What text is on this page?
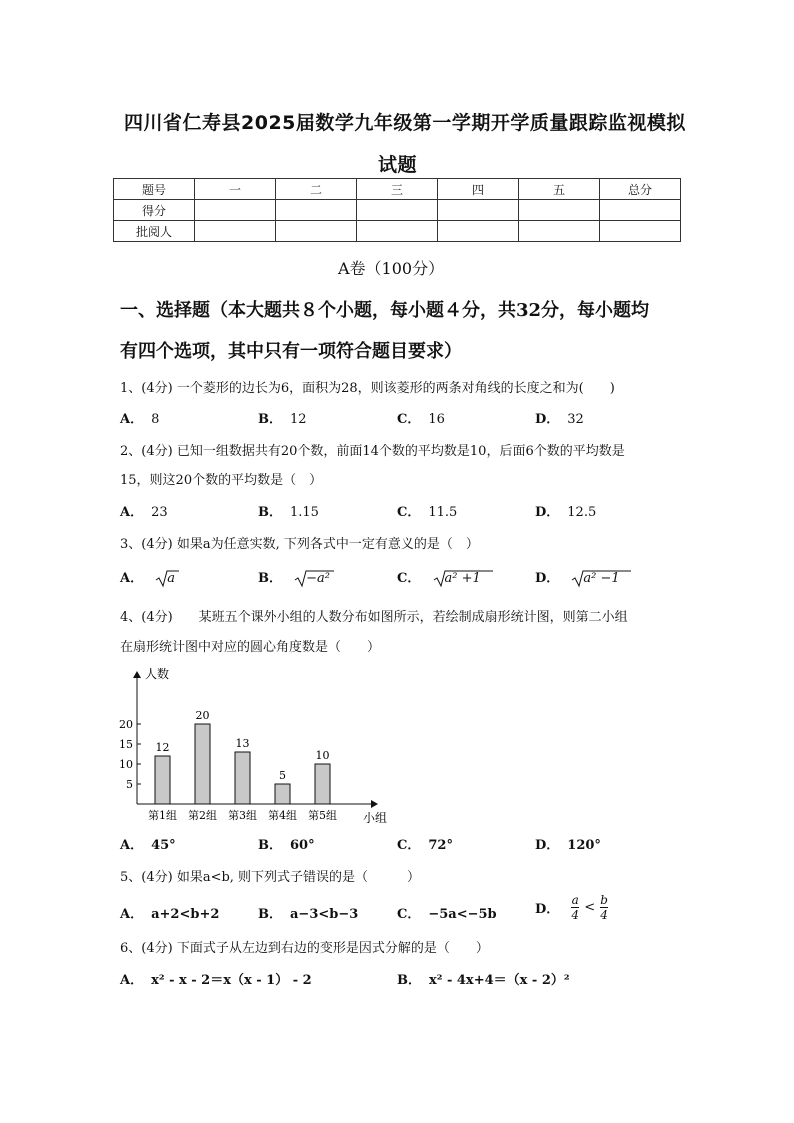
四川省仁寿县2025届数学九年级第一学期开学质量跟踪监视模拟
试题
题号	一	二	三	四	五	总分
得分						
批阅人						
A卷（100分）
一、选择题（本大题共８个小题，每小题４分，共32分，每小题均
有四个选项，其中只有一项符合题目要求）
1、(4分) 一个菱形的边长为6，面积为28，则该菱形的两条对角线的长度之和为(　　)
A． 8	B． 12	C． 16	D． 32
2、(4分) 已知一组数据共有20个数，前面14个数的平均数是10，后面6个数的平均数是
15，则这20个数的平均数是（　）
A． 23	B． 1.15	C． 11.5	D． 12.5
3、(4分) 如果a为任意实数, 下列各式中一定有意义的是（　）
A． a	B． −a²	C． a² +1	D． a² −1
4、(4分)　　某班五个课外小组的人数分布如图所示，若绘制成扇形统计图，则第二小组
在扇形统计图中对应的圆心角度数是（　　）
人数
小组
5
10
15
20
12
第1组
20
第2组
13
第3组
5
第4组
10
第5组
A． 45°	B． 60°	C． 72°	D． 120°
5、(4分) 如果a<b, 则下列式子错误的是（　　　）
A． a+2<b+2	B． a−3<b−3	C． −5a<−5b	D． $\frac{a}{4} < \frac{b}{4}$
6、(4分) 下面式子从左边到右边的变形是因式分解的是（　　）
A． x² - x - 2＝x（x - 1） - 2	B． x² - 4x+4＝（x - 2）²
